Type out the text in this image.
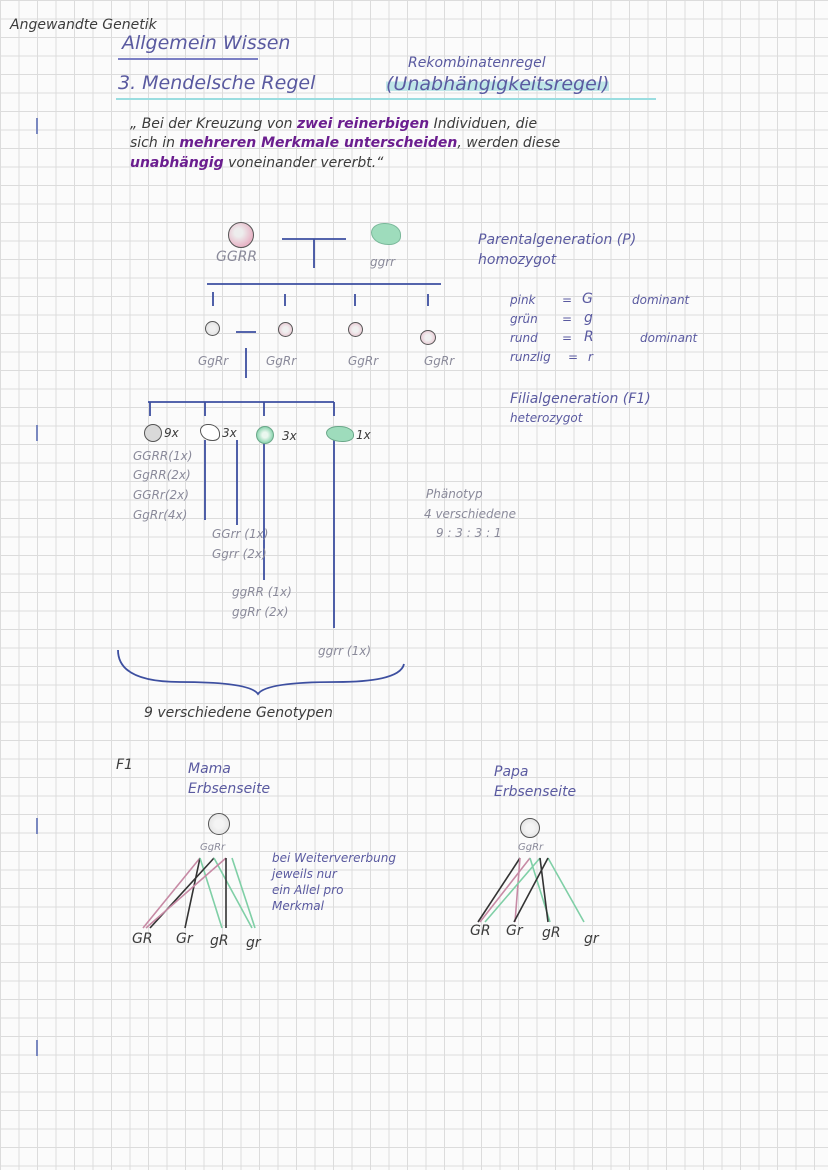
Angewandte Genetik
Allgemein Wissen
Rekombinatenregel
3. Mendelsche Regel	(Unabhängigkeitsregel)
„ Bei der Kreuzung von zwei reinerbigen Individuen, die
sich in mehreren Merkmale unterscheiden, werden diese
unabhängig voneinander vererbt.“
GGRR	ggrr
Parentalgeneration (P)
homozygot
GgRr	GgRr	GgRr	GgRr
pink = G	dominant
grün = g
rund = R	dominant
runzlig = r
Filialgeneration (F1)
heterozygot
9x	3x	3x	1x
GGRR(1x)
GgRR(2x)
GGRr(2x)
GgRr(4x)
GGrr (1x)
Ggrr (2x)
ggRR (1x)
ggRr (2x)
ggrr (1x)
Phänotyp
4 verschiedene
9 : 3 : 3 : 1
9 verschiedene Genotypen
F1	Mama
Erbsenseite
Papa
Erbsenseite
GgRr	GgRr
bei Weitervererbung
jeweils nur
ein Allel pro
Merkmal
GR Gr gR gr
GR Gr gR gr
